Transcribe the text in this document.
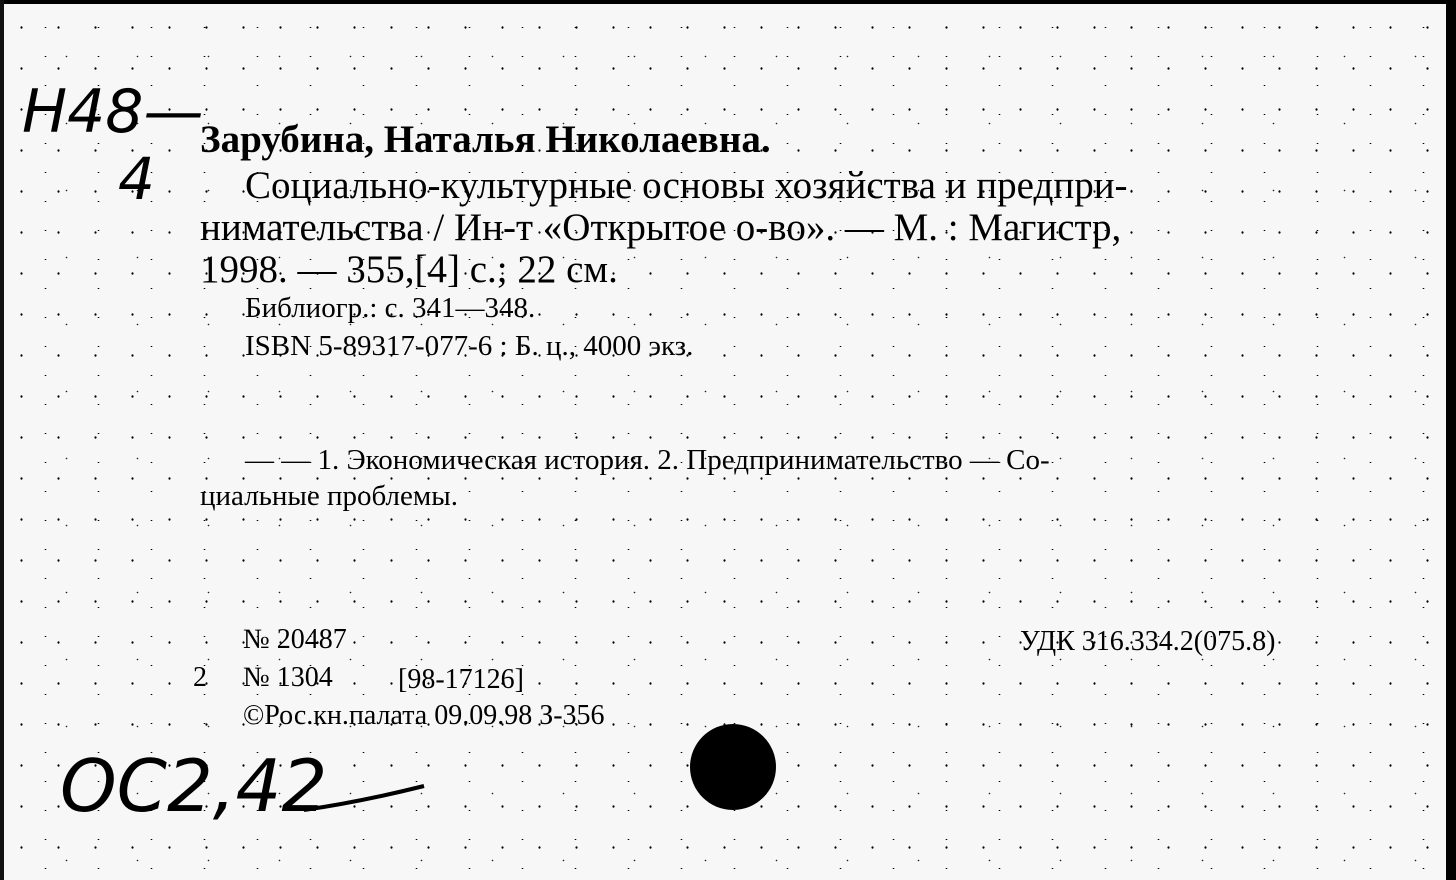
Н48—
4
Зарубина, Наталья Николаевна.
Социально-культурные основы хозяйства и предпри-
нимательства / Ин-т «Открытое о-во». — М. : Магистр,
1998. — 355,[4] с.; 22 см.
Библиогр.: с. 341—348.
ISBN 5-89317-077-6 : Б. ц., 4000 экз.
— — 1. Экономическая история. 2. Предпринимательство — Со-
циальные проблемы.
№ 20487
2 № 1304 [98-17126]
©Рос.кн.палата 09.09.98 З-356
УДК 316.334.2(075.8)
ОС2,42
